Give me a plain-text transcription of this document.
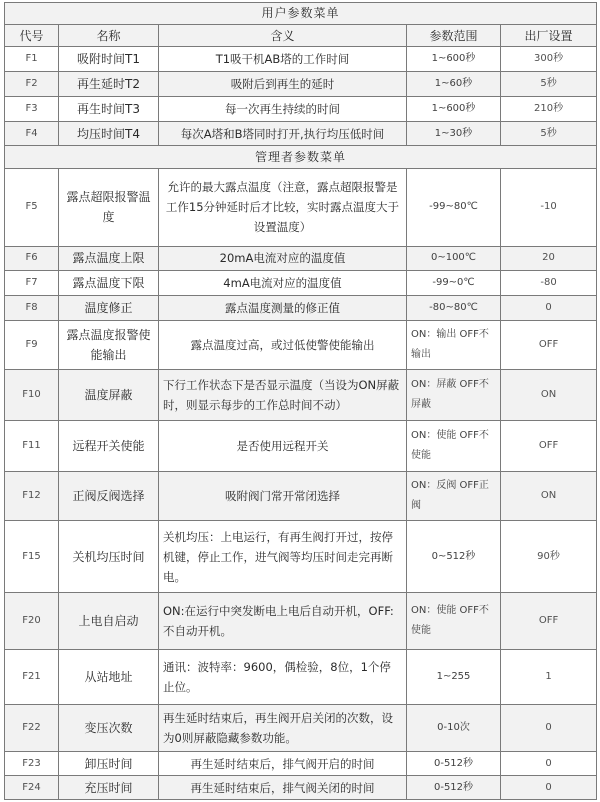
用户参数菜单				
代号	名称	含义	参数范围	出厂设置
F1	吸附时间T1	T1吸干机AB塔的工作时间	1~600秒	300秒
F2	再生延时T2	吸附后到再生的延时	1~60秒	5秒
F3	再生时间T3	每一次再生持续的时间	1~600秒	210秒
F4	均压时间T4	每次A塔和B塔同时打开,执行均压低时间	1~30秒	5秒
管理者参数菜单				
F5	露点超限报警温度	允许的最大露点温度（注意，露点超限报警是工作15分钟延时后才比较，实时露点温度大于设置温度）	-99~80℃	-10
F6	露点温度上限	20mA电流对应的温度值	0~100℃	20
F7	露点温度下限	4mA电流对应的温度值	-99~0℃	-80
F8	温度修正	露点温度测量的修正值	-80~80℃	0
F9	露点温度报警使能输出	露点温度过高，或过低使警使能输出	ON：输出 OFF不输出	OFF
F10	温度屏蔽	下行工作状态下是否显示温度（当设为ON屏蔽时，则显示每步的工作总时间不动）	ON：屏蔽 OFF不屏蔽	ON
F11	远程开关使能	是否使用远程开关	ON：使能 OFF不使能	OFF
F12	正阀反阀选择	吸附阀门常开常闭选择	ON：反阀 OFF正阀	ON
F15	关机均压时间	关机均压：上电运行，有再生阀打开过，按停机键，停止工作，进气阀等均压时间走完再断电。	0~512秒	90秒
F20	上电自启动	ON:在运行中突发断电上电后自动开机，OFF:不自动开机。	ON：使能 OFF不使能	OFF
F21	从站地址	通讯：波特率：9600，偶检验，8位，1个停止位。	1~255	1
F22	变压次数	再生延时结束后，再生阀开启关闭的次数，设为0则屏蔽隐藏参数功能。	0-10次	0
F23	卸压时间	再生延时结束后，排气阀开启的时间	0-512秒	0
F24	充压时间	再生延时结束后，排气阀关闭的时间	0-512秒	0
